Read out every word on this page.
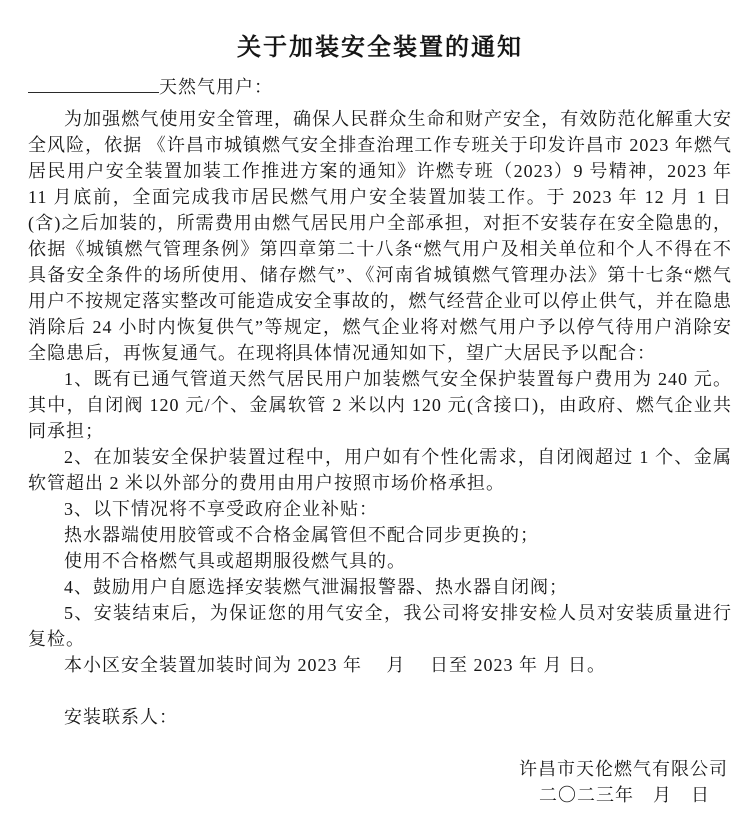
关于加装安全装置的通知
天然气用户：

为加强燃气使用安全管理，确保人民群众生命和财产安全，有效防范化解重大安全风险，依据 《许昌市城镇燃气安全排查治理工作专班关于印发许昌市 2023 年燃气居民用户安全装置加装工作推进方案的通知》许燃专班（2023）9 号精神，2023 年 11 月底前，全面完成我市居民燃气用户安全装置加装工作。于 2023 年 12 月 1 日(含)之后加装的，所需费用由燃气居民用户全部承担，对拒不安装存在安全隐患的，依据《城镇燃气管理条例》第四章第二十八条“燃气用户及相关单位和个人不得在不具备安全条件的场所使用、储存燃气”、《河南省城镇燃气管理办法》第十七条“燃气用户不按规定落实整改可能造成安全事故的，燃气经营企业可以停止供气，并在隐患消除后 24 小时内恢复供气”等规定，燃气企业将对燃气用户予以停气待用户消除安全隐患后，再恢复通气。在现将具体情况通知如下，望广大居民予以配合：

1、既有已通气管道天然气居民用户加装燃气安全保护装置每户费用为 240 元。其中，自闭阀 120 元/个、金属软管 2 米以内 120 元(含接口)，由政府、燃气企业共同承担；

2、在加装安全保护装置过程中，用户如有个性化需求，自闭阀超过 1 个、金属软管超出 2 米以外部分的费用由用户按照市场价格承担。

3、以下情况将不享受政府企业补贴：

热水器端使用胶管或不合格金属管但不配合同步更换的；

使用不合格燃气具或超期服役燃气具的。

4、鼓励用户自愿选择安装燃气泄漏报警器、热水器自闭阀；

5、安装结束后，为保证您的用气安全，我公司将安排安检人员对安装质量进行复检。

本小区安全装置加装时间为 2023 年　 月　 日至 2023 年 月 日。

安装联系人：

许昌市天伦燃气有限公司

二〇二三年　月　日
